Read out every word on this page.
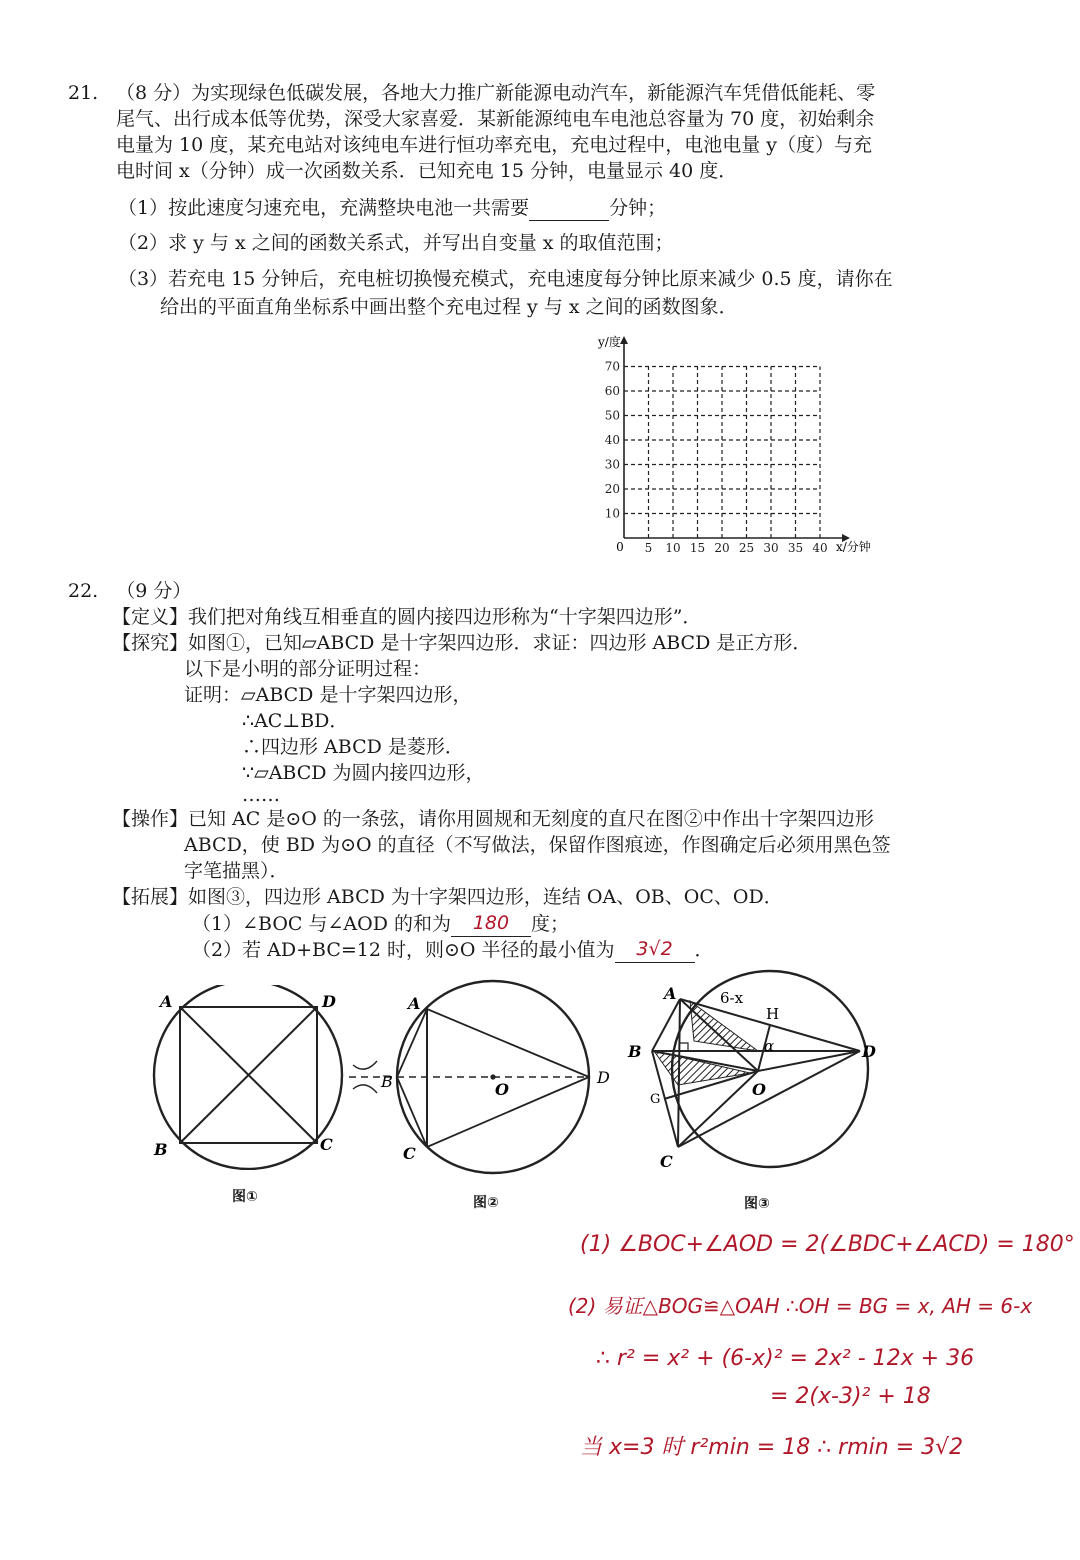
21. （8 分）为实现绿色低碳发展，各地大力推广新能源电动汽车，新能源汽车凭借低能耗、零
尾气、出行成本低等优势，深受大家喜爱．某新能源纯电车电池总容量为 70 度，初始剩余
电量为 10 度，某充电站对该纯电车进行恒功率充电，充电过程中，电池电量 y（度）与充
电时间 x（分钟）成一次函数关系．已知充电 15 分钟，电量显示 40 度．
（1）按此速度匀速充电，充满整块电池一共需要	分钟；
（2）求 y 与 x 之间的函数关系式，并写出自变量 x 的取值范围；
（3）若充电 15 分钟后，充电桩切换慢充模式，充电速度每分钟比原来减少 0.5 度，请你在
给出的平面直角坐标系中画出整个充电过程 y 与 x 之间的函数图象．
5 10 15 20 25 30 35 40
10
20
30
40
50
60
70
y/度
x/分钟
0
22. （9 分）
【定义】我们把对角线互相垂直的圆内接四边形称为“十字架四边形”．
【探究】如图①，已知▱ABCD 是十字架四边形．求证：四边形 ABCD 是正方形．
以下是小明的部分证明过程：
证明：▱ABCD 是十字架四边形，
∴AC⊥BD．
∴四边形 ABCD 是菱形．
∵▱ABCD 为圆内接四边形，
……
【操作】已知 AC 是⊙O 的一条弦，请你用圆规和无刻度的直尺在图②中作出十字架四边形
ABCD，使 BD 为⊙O 的直径（不写做法，保留作图痕迹，作图确定后必须用黑色签
字笔描黑）．
【拓展】如图③，四边形 ABCD 为十字架四边形，连结 OA、OB、OC、OD．
（1）∠BOC 与∠AOD 的和为 180 度；
（2）若 AD+BC=12 时，则⊙O 半径的最小值为 3√2 ．
A	D
B	C
图①
A
B
C
D
O
图②
A
B
C
D
O
H
G
6-x
α
图③
(1) ∠BOC+∠AOD = 2(∠BDC+∠ACD) = 180°
(2) 易证△BOG≌△OAH ∴OH = BG = x, AH = 6-x
∴ r² = x² + (6-x)² = 2x² - 12x + 36
= 2(x-3)² + 18
当 x=3 时 r²min = 18 ∴ rmin = 3√2
